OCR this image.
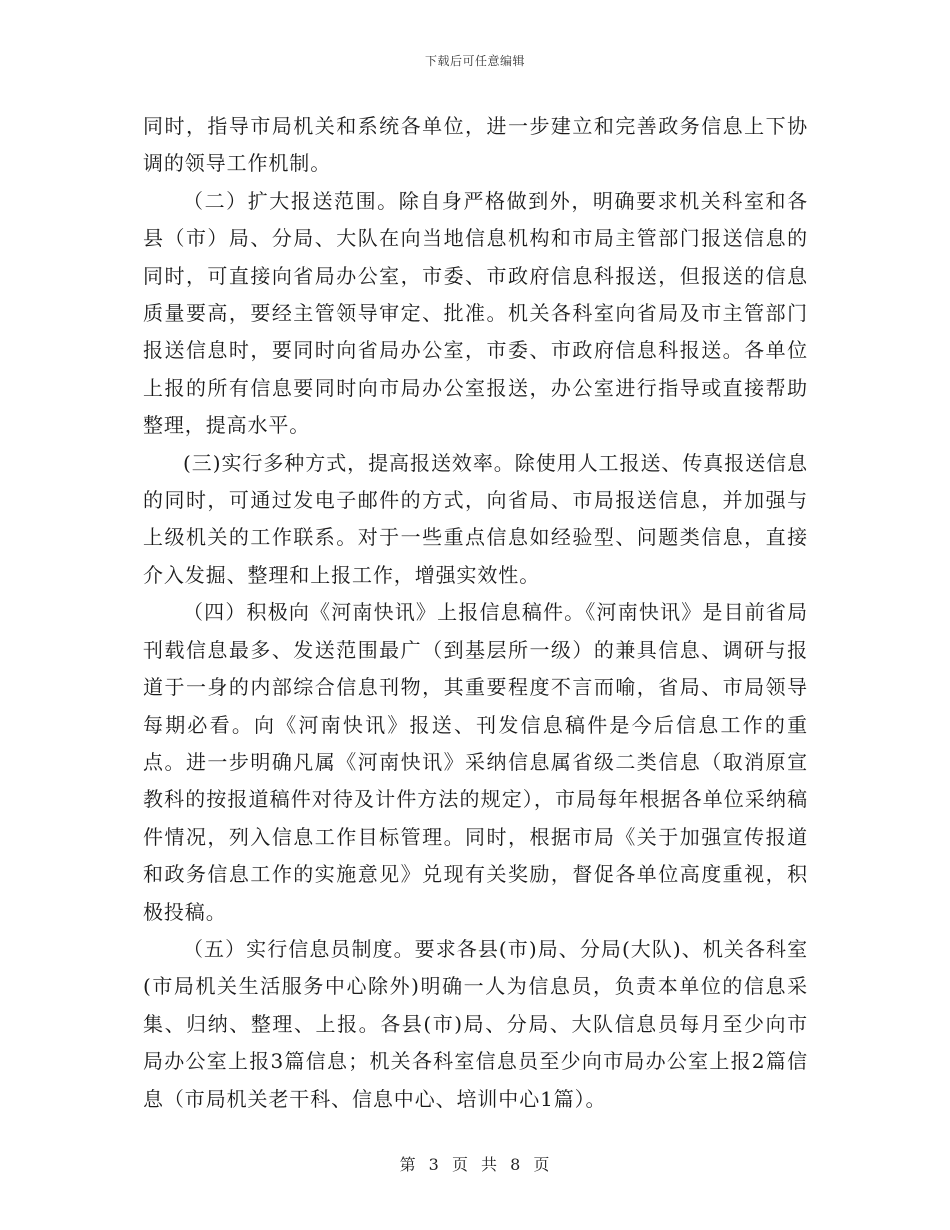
下载后可任意编辑

同时，指导市局机关和系统各单位，进一步建立和完善政务信息上下协调的领导工作机制。

（二）扩大报送范围。除自身严格做到外，明确要求机关科室和各县（市）局、分局、大队在向当地信息机构和市局主管部门报送信息的同时，可直接向省局办公室，市委、市政府信息科报送，但报送的信息质量要高，要经主管领导审定、批准。机关各科室向省局及市主管部门报送信息时，要同时向省局办公室，市委、市政府信息科报送。各单位上报的所有信息要同时向市局办公室报送，办公室进行指导或直接帮助整理，提高水平。

(三)实行多种方式，提高报送效率。除使用人工报送、传真报送信息的同时，可通过发电子邮件的方式，向省局、市局报送信息，并加强与上级机关的工作联系。对于一些重点信息如经验型、问题类信息，直接介入发掘、整理和上报工作，增强实效性。

（四）积极向《河南快讯》上报信息稿件。《河南快讯》是目前省局刊载信息最多、发送范围最广（到基层所一级）的兼具信息、调研与报道于一身的内部综合信息刊物，其重要程度不言而喻，省局、市局领导每期必看。向《河南快讯》报送、刊发信息稿件是今后信息工作的重点。进一步明确凡属《河南快讯》采纳信息属省级二类信息（取消原宣教科的按报道稿件对待及计件方法的规定），市局每年根据各单位采纳稿件情况，列入信息工作目标管理。同时，根据市局《关于加强宣传报道和政务信息工作的实施意见》兑现有关奖励，督促各单位高度重视，积极投稿。

（五）实行信息员制度。要求各县(市)局、分局(大队)、机关各科室(市局机关生活服务中心除外)明确一人为信息员，负责本单位的信息采集、归纳、整理、上报。各县(市)局、分局、大队信息员每月至少向市局办公室上报3篇信息；机关各科室信息员至少向市局办公室上报2篇信息（市局机关老干科、信息中心、培训中心1篇）。

第 3 页 共 8 页
